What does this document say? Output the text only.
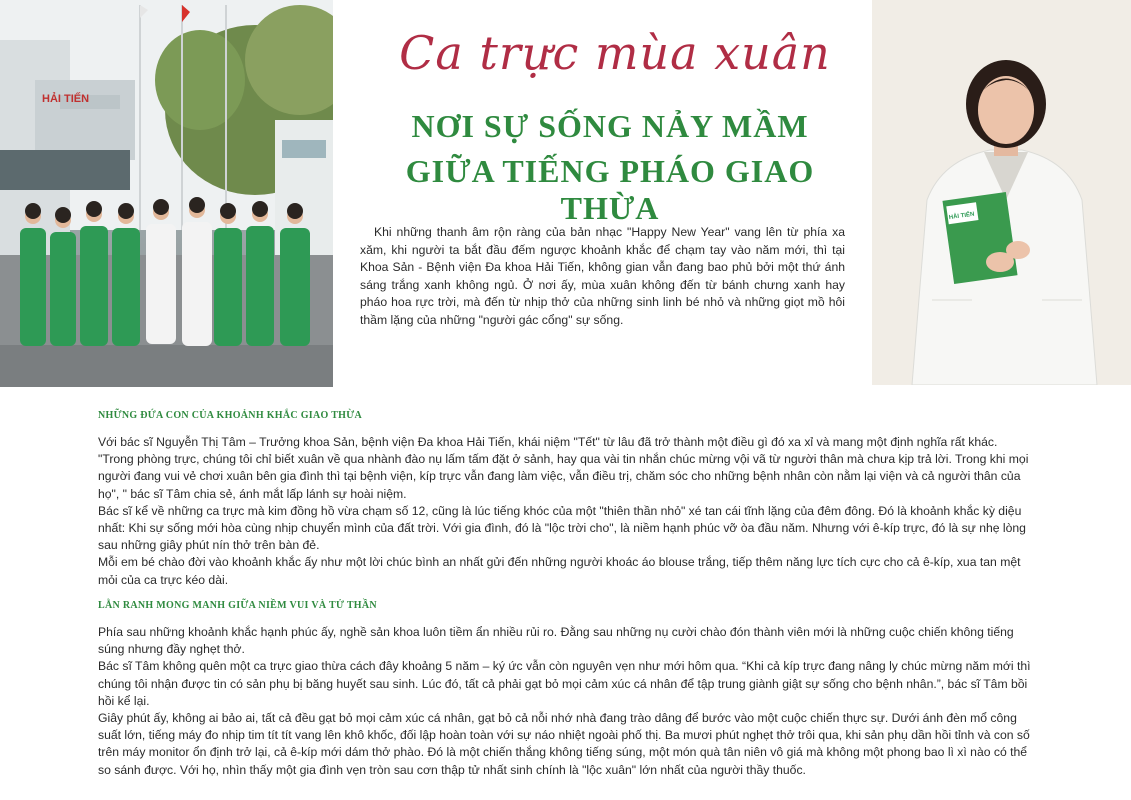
HẢI TIẾN
HẢI TIẾN
Ca trực mùa xuân
NƠI SỰ SỐNG NẢY MẦM
GIỮA TIẾNG PHÁO GIAO THỪA
Khi những thanh âm rộn ràng của bản nhạc "Happy New Year" vang lên từ phía xa xăm, khi người ta bắt đầu đếm ngược khoảnh khắc để chạm tay vào năm mới, thì tại Khoa Sản - Bệnh viện Đa khoa Hải Tiến, không gian vẫn đang bao phủ bởi một thứ ánh sáng trắng xanh không ngủ. Ở nơi ấy, mùa xuân không đến từ bánh chưng xanh hay pháo hoa rực trời, mà đến từ nhịp thở của những sinh linh bé nhỏ và những giọt mồ hôi thầm lặng của những "người gác cổng" sự sống.
NHỮNG ĐỨA CON CỦA KHOẢNH KHẮC GIAO THỪA

Với bác sĩ Nguyễn Thị Tâm – Trưởng khoa Sản, bệnh viện Đa khoa Hải Tiến, khái niệm "Tết" từ lâu đã trở thành một điều gì đó xa xỉ và mang một định nghĩa rất khác. "Trong phòng trực, chúng tôi chỉ biết xuân về qua nhành đào nụ lấm tấm đặt ở sảnh, hay qua vài tin nhắn chúc mừng vội vã từ người thân mà chưa kịp trả lời. Trong khi mọi người đang vui vẻ chơi xuân bên gia đình thì tại bệnh viện, kíp trực vẫn đang làm việc, vẫn điều trị, chăm sóc cho những bệnh nhân còn nằm lại viện và cả người thân của họ", " bác sĩ Tâm chia sẻ, ánh mắt lấp lánh sự hoài niệm.

Bác sĩ kể về những ca trực mà kim đồng hồ vừa chạm số 12, cũng là lúc tiếng khóc của một "thiên thần nhỏ" xé tan cái tĩnh lặng của đêm đông. Đó là khoảnh khắc kỳ diệu nhất: Khi sự sống mới hòa cùng nhịp chuyển mình của đất trời. Với gia đình, đó là "lộc trời cho", là niềm hạnh phúc vỡ òa đầu năm. Nhưng với ê-kíp trực, đó là sự nhẹ lòng sau những giây phút nín thở trên bàn đẻ.

Mỗi em bé chào đời vào khoảnh khắc ấy như một lời chúc bình an nhất gửi đến những người khoác áo blouse trắng, tiếp thêm năng lực tích cực cho cả ê-kíp, xua tan mệt mỏi của ca trực kéo dài.

LẰN RANH MONG MANH GIỮA NIỀM VUI VÀ TỬ THẦN

Phía sau những khoảnh khắc hạnh phúc ấy, nghề sản khoa luôn tiềm ẩn nhiều rủi ro. Đằng sau những nụ cười chào đón thành viên mới là những cuộc chiến không tiếng súng nhưng đầy nghẹt thở.

Bác sĩ Tâm không quên một ca trực giao thừa cách đây khoảng 5 năm – ký ức vẫn còn nguyên vẹn như mới hôm qua. “Khi cả kíp trực đang nâng ly chúc mừng năm mới thì chúng tôi nhận được tin có sản phụ bị băng huyết sau sinh. Lúc đó, tất cả phải gạt bỏ mọi cảm xúc cá nhân để tập trung giành giật sự sống cho bệnh nhân.”, bác sĩ Tâm bồi hồi kể lại.

Giây phút ấy, không ai bảo ai, tất cả đều gạt bỏ mọi cảm xúc cá nhân, gạt bỏ cả nỗi nhớ nhà đang trào dâng để bước vào một cuộc chiến thực sự. Dưới ánh đèn mổ công suất lớn, tiếng máy đo nhịp tim tít tít vang lên khô khốc, đối lập hoàn toàn với sự náo nhiệt ngoài phố thị. Ba mươi phút nghẹt thở trôi qua, khi sản phụ dần hồi tỉnh và con số trên máy monitor ổn định trở lại, cả ê-kíp mới dám thở phào. Đó là một chiến thắng không tiếng súng, một món quà tân niên vô giá mà không một phong bao lì xì nào có thể so sánh được. Với họ, nhìn thấy một gia đình vẹn tròn sau cơn thập tử nhất sinh chính là "lộc xuân" lớn nhất của người thầy thuốc.
